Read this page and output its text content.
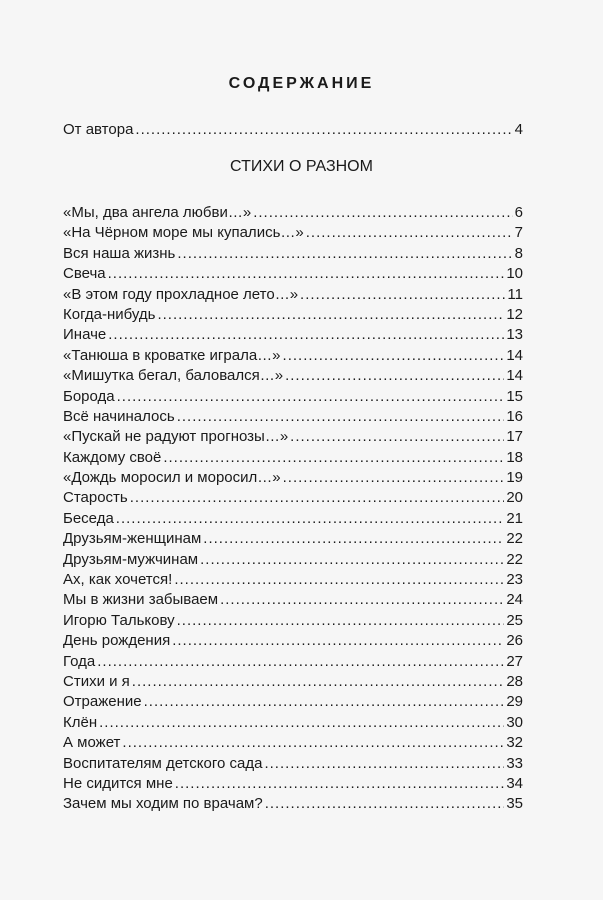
СОДЕРЖАНИЕ
От автора .....	4
СТИХИ О РАЗНОМ
«Мы, два ангела любви…» .....	6
«На Чёрном море мы купались…» .....	7
Вся наша жизнь .....	8
Свеча .....	10
«В этом году прохладное лето…» .....	11
Когда-нибудь .....	12
Иначе .....	13
«Танюша в кроватке играла…» .....	14
«Мишутка бегал, баловался…» .....	14
Борода .....	15
Всё начиналось .....	16
«Пускай не радуют прогнозы…» .....	17
Каждому своё .....	18
«Дождь моросил и моросил…» .....	19
Старость .....	20
Беседа .....	21
Друзьям-женщинам .....	22
Друзьям-мужчинам .....	22
Ах, как хочется! .....	23
Мы в жизни забываем .....	24
Игорю Талькову .....	25
День рождения .....	26
Года .....	27
Стихи и я .....	28
Отражение .....	29
Клён .....	30
А может .....	32
Воспитателям детского сада .....	33
Не сидится мне .....	34
Зачем мы ходим по врачам? .....	35
